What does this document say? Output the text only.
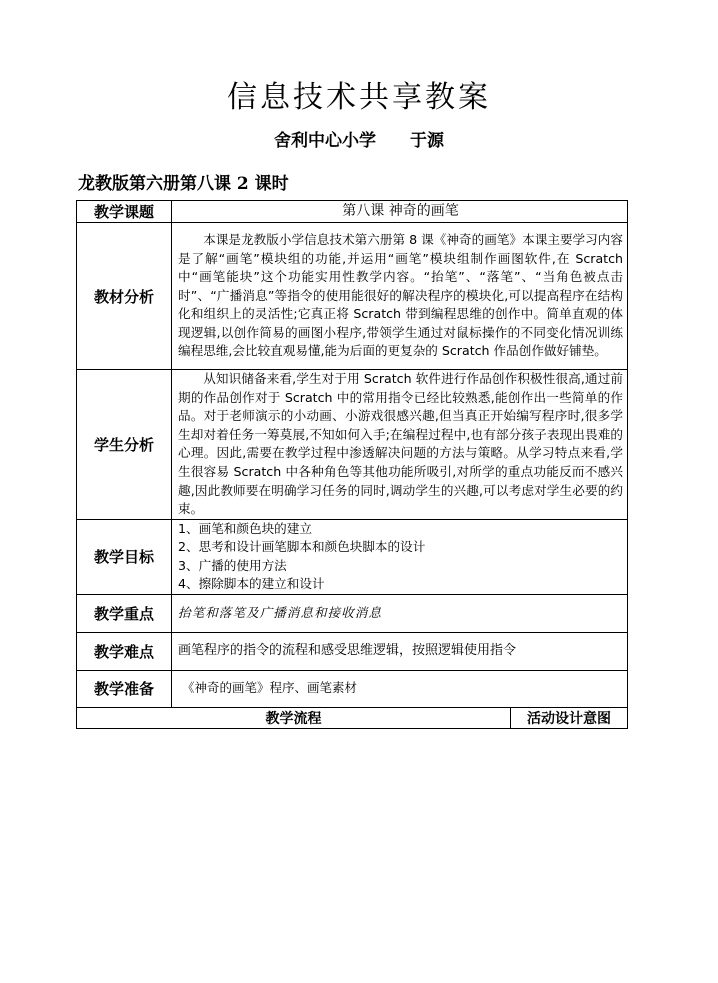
信息技术共享教案
舍利中心小学 于源
龙教版第六册第八课 2 课时
教学课题	第八课 神奇的画笔	
教材分析	本课是龙教版小学信息技术第六册第 8 课《神奇的画笔》本课主要学习内容是了解“画笔”模块组的功能,并运用“画笔”模块组制作画图软件,在 Scratch 中“画笔能块”这个功能实用性教学内容。“抬笔”、“落笔”、“当角色被点击时”、“广播消息”等指令的使用能很好的解决程序的模块化,可以提高程序在结构化和组织上的灵活性;它真正将 Scratch 带到编程思维的创作中。简单直观的体现逻辑,以创作简易的画图小程序,带领学生通过对鼠标操作的不同变化情况训练编程思维,会比较直观易懂,能为后面的更复杂的 Scratch 作品创作做好铺垫。	
学生分析	从知识储备来看,学生对于用 Scratch 软件进行作品创作积极性很高,通过前期的作品创作对于 Scratch 中的常用指令已经比较熟悉,能创作出一些简单的作品。对于老师演示的小动画、小游戏很感兴趣,但当真正开始编写程序时,很多学生却对着任务一筹莫展,不知如何入手;在编程过程中,也有部分孩子表现出畏难的心理。因此,需要在教学过程中渗透解决问题的方法与策略。从学习特点来看,学生很容易 Scratch 中各种角色等其他功能所吸引,对所学的重点功能反而不感兴趣,因此教师要在明确学习任务的同时,调动学生的兴趣,可以考虑对学生必要的约束。	
教学目标	1、画笔和颜色块的建立
2、思考和设计画笔脚本和颜色块脚本的设计
3、广播的使用方法
4、擦除脚本的建立和设计	

教学重点	抬笔和落笔及广播消息和接收消息	
教学难点	画笔程序的指令的流程和感受思维逻辑，按照逻辑使用指令	
教学准备	《神奇的画笔》程序、画笔素材	
教学流程		活动设计意图
